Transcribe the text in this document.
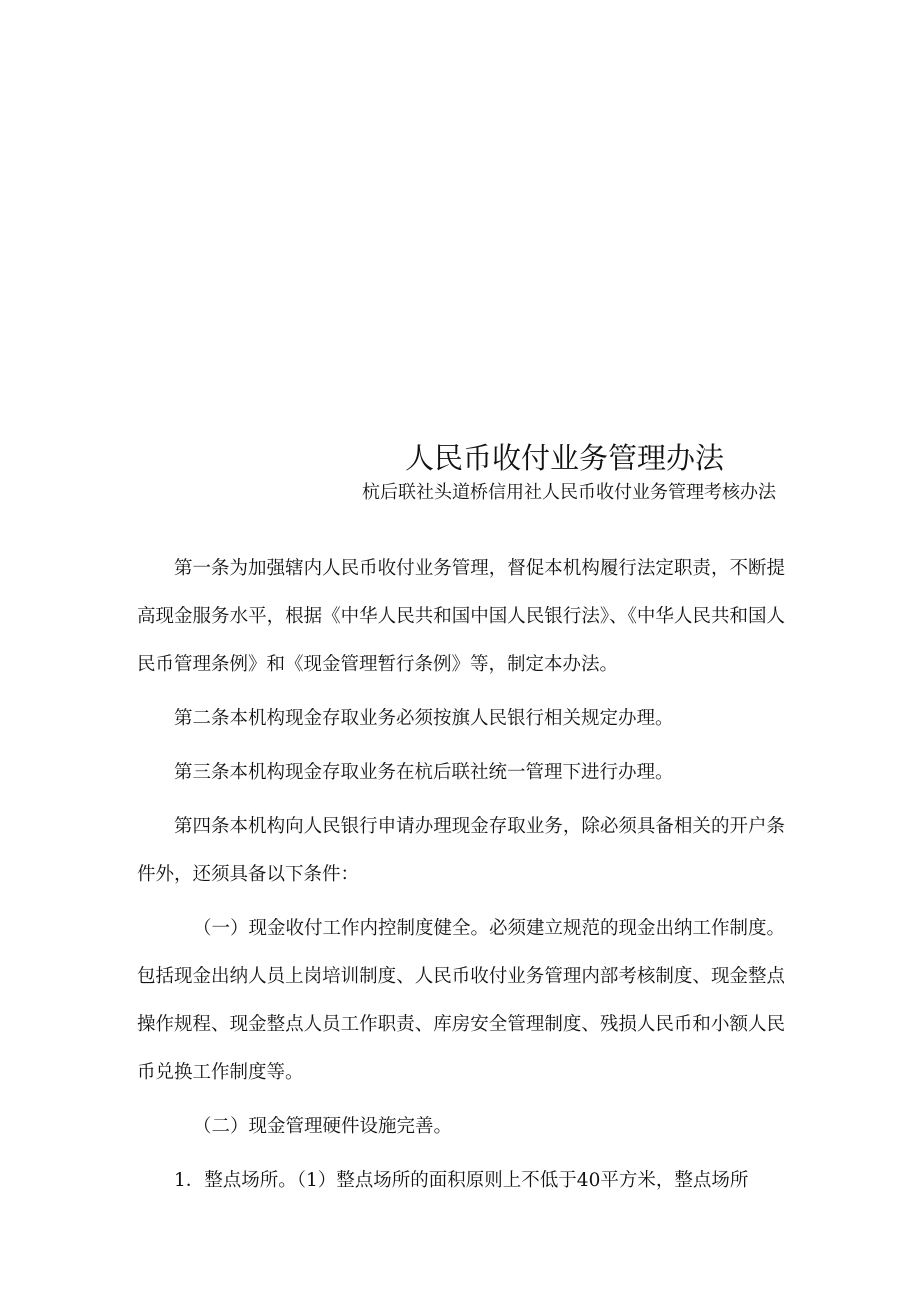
人民币收付业务管理办法

杭后联社头道桥信用社人民币收付业务管理考核办法

第一条为加强辖内人民币收付业务管理，督促本机构履行法定职责，不断提高现金服务水平，根据《中华人民共和国中国人民银行法》、《中华人民共和国人民币管理条例》和《现金管理暂行条例》等，制定本办法。

第二条本机构现金存取业务必须按旗人民银行相关规定办理。

第三条本机构现金存取业务在杭后联社统一管理下进行办理。

第四条本机构向人民银行申请办理现金存取业务，除必须具备相关的开户条件外，还须具备以下条件：

（一）现金收付工作内控制度健全。必须建立规范的现金出纳工作制度。包括现金出纳人员上岗培训制度、人民币收付业务管理内部考核制度、现金整点操作规程、现金整点人员工作职责、库房安全管理制度、残损人民币和小额人民币兑换工作制度等。

（二）现金管理硬件设施完善。

1．整点场所。（1）整点场所的面积原则上不低于40平方米，整点场所
